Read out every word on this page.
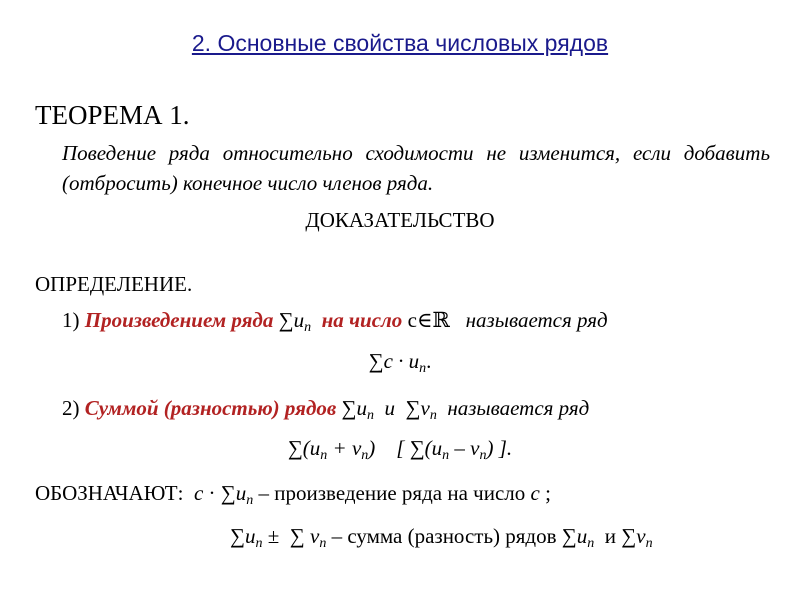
2. Основные свойства числовых рядов
ТЕОРЕМА 1.
Поведение ряда относительно сходимости не изменится, если добавить (отбросить) конечное число членов ряда.
ДОКАЗАТЕЛЬСТВО
ОПРЕДЕЛЕНИЕ.
1) Произведением ряда $\sum u_n$ на число c∈ℝ называется ряд
$\sum c \cdot u_n$.
2) Суммой (разностью) рядов $\sum u_n$ и $\sum v_n$ называется ряд
$\sum(u_n + v_n)$ [ $\sum(u_n - v_n)$ ].
ОБОЗНАЧАЮТ: $c \cdot \sum u_n$ – произведение ряда на число c ;
$\sum u_n$ ± ∑ $v_n$ – сумма (разность) рядов $\sum u_n$ и $\sum v_n$
